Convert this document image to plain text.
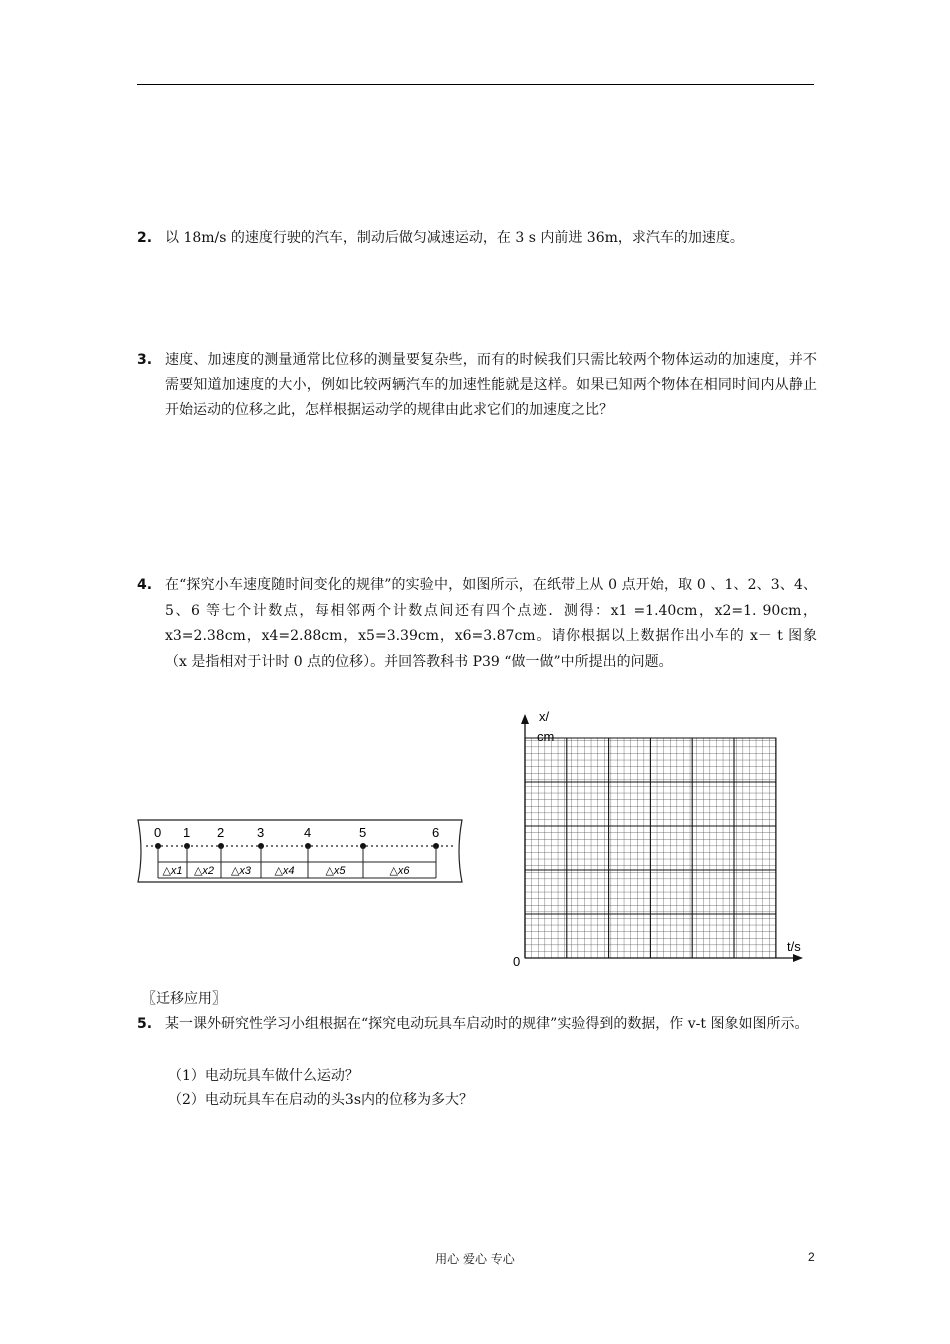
2. 以 18m/s 的速度行驶的汽车，制动后做匀减速运动，在 3 s 内前进 36m，求汽车的加速度。
3. 速度、加速度的测量通常比位移的测量要复杂些，而有的时候我们只需比较两个物体运动的加速度，并不需要知道加速度的大小，例如比较两辆汽车的加速性能就是这样。如果已知两个物体在相同时间内从静止开始运动的位移之此，怎样根据运动学的规律由此求它们的加速度之比？
4. 在“探究小车速度随时间变化的规律”的实验中，如图所示，在纸带上从 0 点开始，取 0 、1、2、3、4、5、6 等七个计数点，每相邻两个计数点间还有四个点迹．测得：x1 =1.40cm，x2=1. 90cm，x3=2.38cm，x4=2.88cm，x5=3.39cm，x6=3.87cm。请你根据以上数据作出小车的 x－ t 图象（x 是指相对于计时 0 点的位移）。并回答教科书 P39 “做一做”中所提出的问题。
0 1 2	3	4	5	6
△x1 △x2 △x3 △x4	△x5	△x6
x/
cm
t/s
0
〖迁移应用〗
5. 某一课外研究性学习小组根据在“探究电动玩具车启动时的规律”实验得到的数据，作 v-t 图象如图所示。
（1）电动玩具车做什么运动？
（2）电动玩具车在启动的头3s内的位移为多大？
用心 爱心 专心	2
